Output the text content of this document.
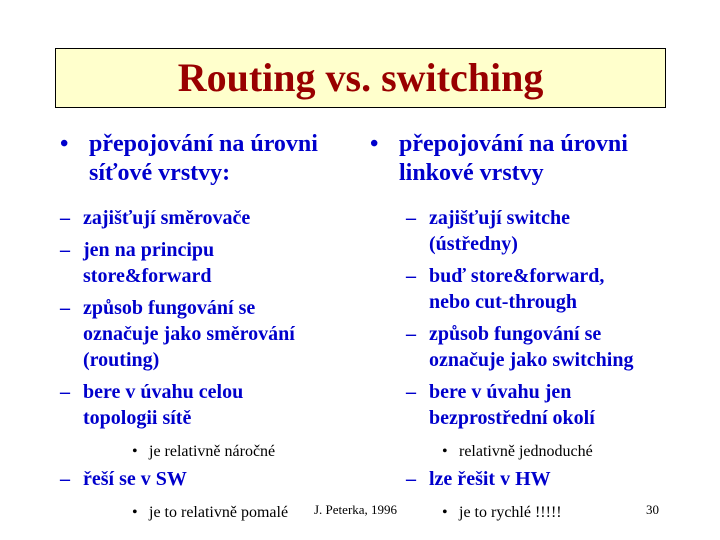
Routing vs. switching
• přepojování na úrovni síťové vrstvy:
– zajišťují směrovače
– jen na principu store&forward
– způsob fungování se označuje jako směrování (routing)
– bere v úvahu celou topologii sítě
• je relativně náročné
– řeší se v SW
• je to relativně pomalé
• přepojování na úrovni linkové vrstvy
– zajišťují switche (ústředny)
– buď store&forward, nebo cut-through
– způsob fungování se označuje jako switching
– bere v úvahu jen bezprostřední okolí
• relativně jednoduché
– lze řešit v HW
• je to rychlé !!!!!
J. Peterka, 1996	30
